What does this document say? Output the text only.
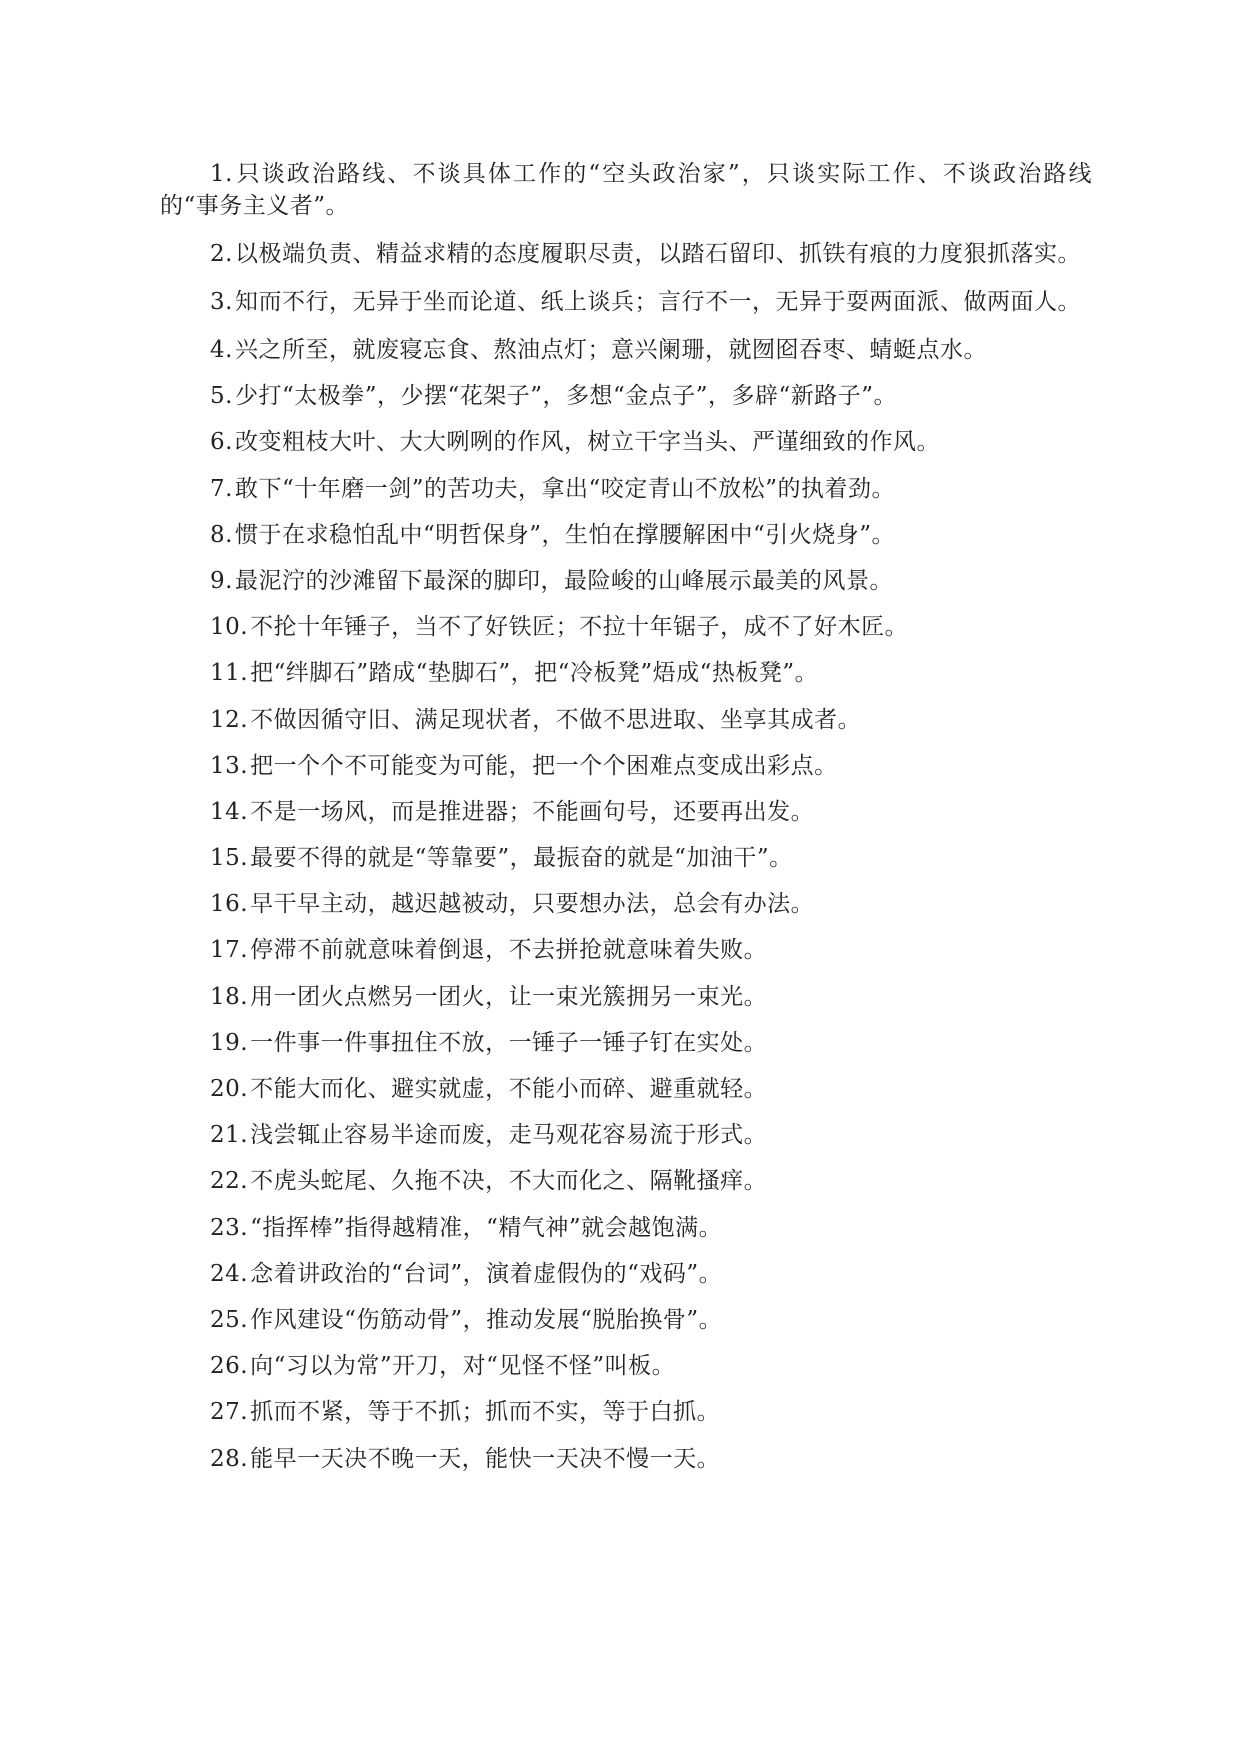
1.只谈政治路线、不谈具体工作的“空头政治家”，只谈实际工作、不谈政治路线的“事务主义者”。

2.以极端负责、精益求精的态度履职尽责，以踏石留印、抓铁有痕的力度狠抓落实。

3.知而不行，无异于坐而论道、纸上谈兵；言行不一，无异于耍两面派、做两面人。

4.兴之所至，就废寝忘食、熬油点灯；意兴阑珊，就囫囵吞枣、蜻蜓点水。

5.少打“太极拳”，少摆“花架子”，多想“金点子”，多辟“新路子”。

6.改变粗枝大叶、大大咧咧的作风，树立干字当头、严谨细致的作风。

7.敢下“十年磨一剑”的苦功夫，拿出“咬定青山不放松”的执着劲。

8.惯于在求稳怕乱中“明哲保身”，生怕在撑腰解困中“引火烧身”。

9.最泥泞的沙滩留下最深的脚印，最险峻的山峰展示最美的风景。

10.不抡十年锤子，当不了好铁匠；不拉十年锯子，成不了好木匠。

11.把“绊脚石”踏成“垫脚石”，把“冷板凳”焐成“热板凳”。

12.不做因循守旧、满足现状者，不做不思进取、坐享其成者。

13.把一个个不可能变为可能，把一个个困难点变成出彩点。

14.不是一场风，而是推进器；不能画句号，还要再出发。

15.最要不得的就是“等靠要”，最振奋的就是“加油干”。

16.早干早主动，越迟越被动，只要想办法，总会有办法。

17.停滞不前就意味着倒退，不去拼抢就意味着失败。

18.用一团火点燃另一团火，让一束光簇拥另一束光。

19.一件事一件事扭住不放，一锤子一锤子钉在实处。

20.不能大而化、避实就虚，不能小而碎、避重就轻。

21.浅尝辄止容易半途而废，走马观花容易流于形式。

22.不虎头蛇尾、久拖不决，不大而化之、隔靴搔痒。

23.“指挥棒”指得越精准，“精气神”就会越饱满。

24.念着讲政治的“台词”，演着虚假伪的“戏码”。

25.作风建设“伤筋动骨”，推动发展“脱胎换骨”。

26.向“习以为常”开刀，对“见怪不怪”叫板。

27.抓而不紧，等于不抓；抓而不实，等于白抓。

28.能早一天决不晚一天，能快一天决不慢一天。
